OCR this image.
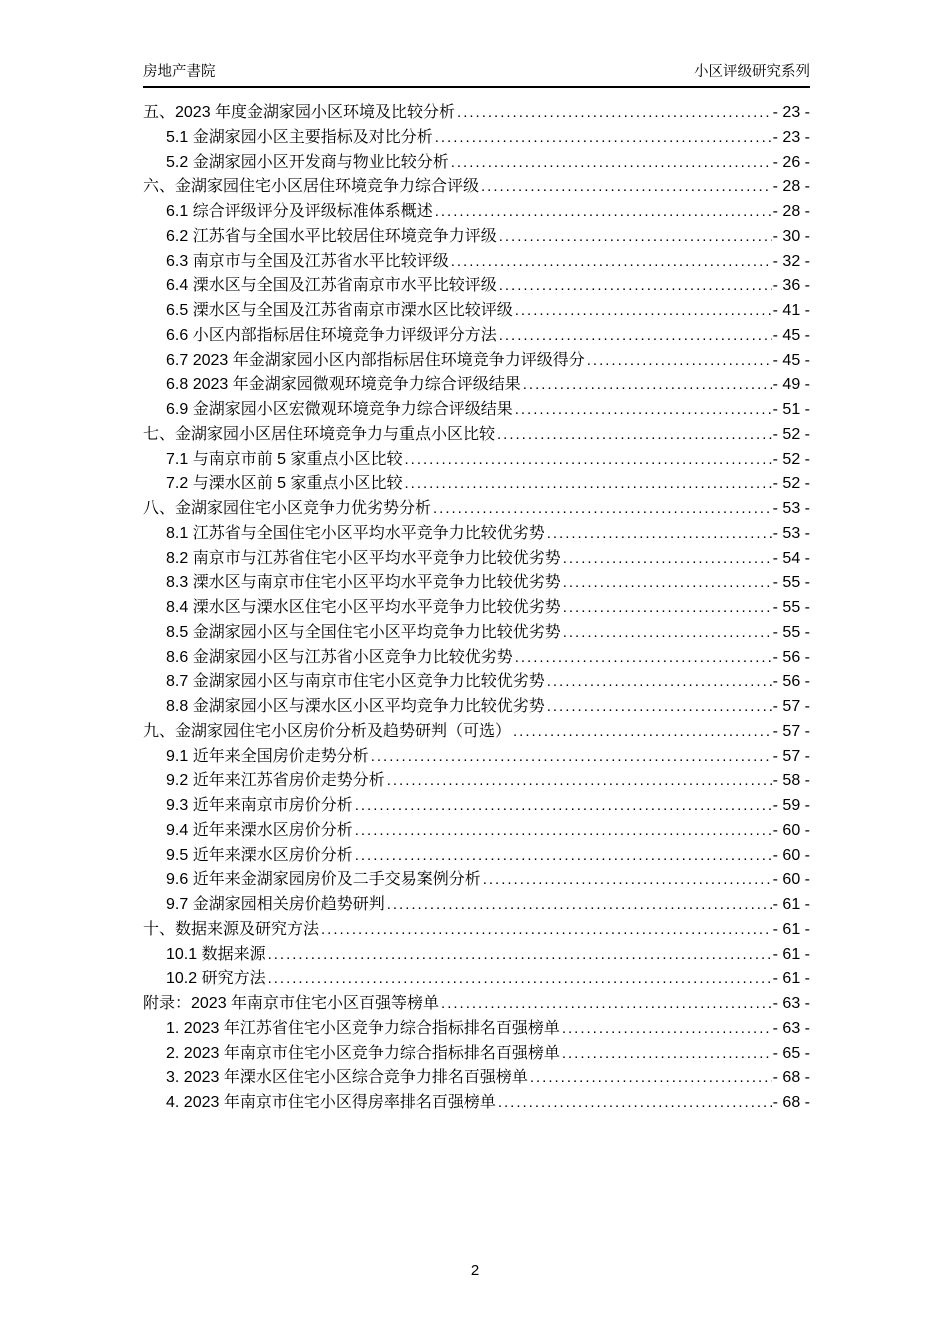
房地产書院	小区评级研究系列
五、2023 年度金湖家园小区环境及比较分析 .....	- 23 -
5.1 金湖家园小区主要指标及对比分析 .....	- 23 -
5.2 金湖家园小区开发商与物业比较分析 .....	- 26 -
六、金湖家园住宅小区居住环境竞争力综合评级 .....	- 28 -
6.1 综合评级评分及评级标准体系概述 .....	- 28 -
6.2 江苏省与全国水平比较居住环境竞争力评级 .....	- 30 -
6.3 南京市与全国及江苏省水平比较评级 .....	- 32 -
6.4 溧水区与全国及江苏省南京市水平比较评级 .....	- 36 -
6.5 溧水区与全国及江苏省南京市溧水区比较评级 .....	- 41 -
6.6 小区内部指标居住环境竞争力评级评分方法 .....	- 45 -
6.7 2023 年金湖家园小区内部指标居住环境竞争力评级得分 .....	- 45 -
6.8 2023 年金湖家园微观环境竞争力综合评级结果 .....	- 49 -
6.9 金湖家园小区宏微观环境竞争力综合评级结果 .....	- 51 -
七、金湖家园小区居住环境竞争力与重点小区比较 .....	- 52 -
7.1 与南京市前 5 家重点小区比较 .....	- 52 -
7.2 与溧水区前 5 家重点小区比较 .....	- 52 -
八、金湖家园住宅小区竞争力优劣势分析 .....	- 53 -
8.1 江苏省与全国住宅小区平均水平竞争力比较优劣势 .....	- 53 -
8.2 南京市与江苏省住宅小区平均水平竞争力比较优劣势 .....	- 54 -
8.3 溧水区与南京市住宅小区平均水平竞争力比较优劣势 .....	- 55 -
8.4 溧水区与溧水区住宅小区平均水平竞争力比较优劣势 .....	- 55 -
8.5 金湖家园小区与全国住宅小区平均竞争力比较优劣势 .....	- 55 -
8.6 金湖家园小区与江苏省小区竞争力比较优劣势 .....	- 56 -
8.7 金湖家园小区与南京市住宅小区竞争力比较优劣势 .....	- 56 -
8.8 金湖家园小区与溧水区小区平均竞争力比较优劣势 .....	- 57 -
九、金湖家园住宅小区房价分析及趋势研判（可选） .....	- 57 -
9.1 近年来全国房价走势分析 .....	- 57 -
9.2 近年来江苏省房价走势分析 .....	- 58 -
9.3 近年来南京市房价分析 .....	- 59 -
9.4 近年来溧水区房价分析 .....	- 60 -
9.5 近年来溧水区房价分析 .....	- 60 -
9.6 近年来金湖家园房价及二手交易案例分析 .....	- 60 -
9.7 金湖家园相关房价趋势研判 .....	- 61 -
十、数据来源及研究方法 .....	- 61 -
10.1 数据来源 .....	- 61 -
10.2 研究方法 .....	- 61 -
附录：2023 年南京市住宅小区百强等榜单 .....	- 63 -
1. 2023 年江苏省住宅小区竞争力综合指标排名百强榜单 .....	- 63 -
2. 2023 年南京市住宅小区竞争力综合指标排名百强榜单 .....	- 65 -
3. 2023 年溧水区住宅小区综合竞争力排名百强榜单 .....	- 68 -
4. 2023 年南京市住宅小区得房率排名百强榜单 .....	- 68 -
2
